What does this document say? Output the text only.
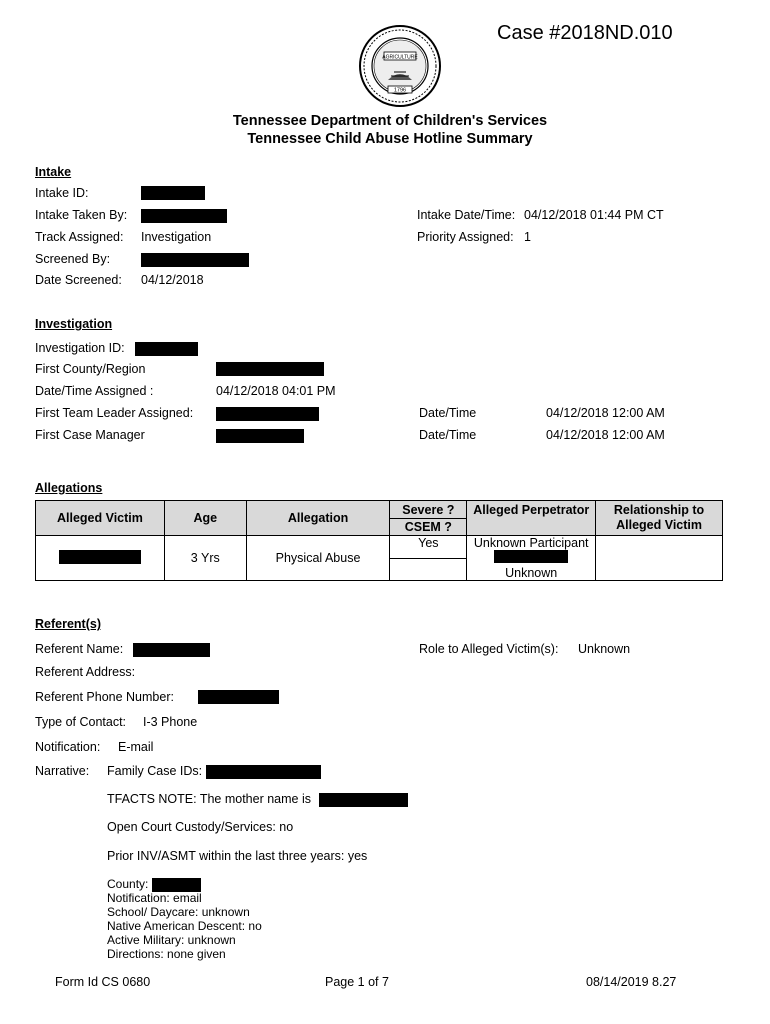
Case #2018ND.010
AGRICULTURE
1796
Tennessee Department of Children's Services
Tennessee Child Abuse Hotline Summary
Intake
Intake ID:
Intake Taken By:	Intake Date/Time: 04/12/2018 01:44 PM CT
Track Assigned: Investigation	Priority Assigned: 1
Screened By:
Date Screened: 04/12/2018
Investigation
Investigation ID:
First County/Region
Date/Time Assigned :	04/12/2018 04:01 PM
First Team Leader Assigned:	Date/Time	04/12/2018 12:00 AM
First Case Manager	Date/Time	04/12/2018 12:00 AM
Allegations
Alleged Victim	Age	Allegation	Severe ?	Alleged Perpetrator	Relationship to Alleged Victim
			CSEM ?		
	3 Yrs	Physical Abuse	Yes	Unknown Participant
Unknown	

Referent(s)
Referent Name:	Role to Alleged Victim(s): Unknown
Referent Address:
Referent Phone Number:
Type of Contact: I-3 Phone
Notification: E-mail
Narrative: Family Case IDs:
TFACTS NOTE: The mother name is
Open Court Custody/Services: no
Prior INV/ASMT within the last three years: yes
County:
Notification: email
School/ Daycare: unknown
Native American Descent: no
Active Military: unknown
Directions: none given
Form Id CS 0680	Page 1 of 7	08/14/2019 8.27
